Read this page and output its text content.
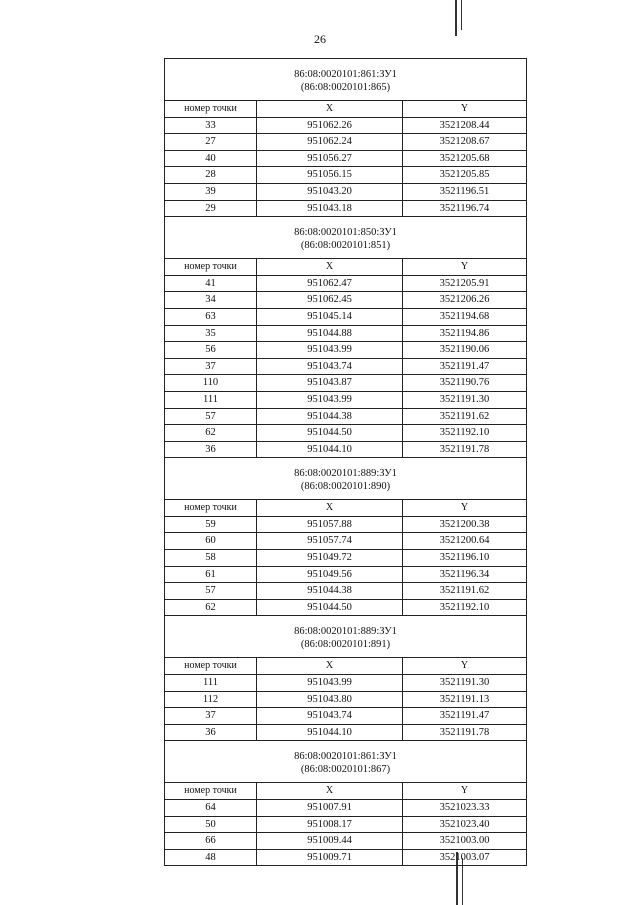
26
86:08:0020101:861:ЗУ1
(86:08:0020101:865)		

номер точки	X	Y
33	951062.26	3521208.44
27	951062.24	3521208.67
40	951056.27	3521205.68
28	951056.15	3521205.85
39	951043.20	3521196.51
29	951043.18	3521196.74

86:08:0020101:850:ЗУ1
(86:08:0020101:851)		

номер точки	X	Y
41	951062.47	3521205.91
34	951062.45	3521206.26
63	951045.14	3521194.68
35	951044.88	3521194.86
56	951043.99	3521190.06
37	951043.74	3521191.47
110	951043.87	3521190.76
111	951043.99	3521191.30
57	951044.38	3521191.62
62	951044.50	3521192.10
36	951044.10	3521191.78

86:08:0020101:889:ЗУ1
(86:08:0020101:890)		

номер точки	X	Y
59	951057.88	3521200.38
60	951057.74	3521200.64
58	951049.72	3521196.10
61	951049.56	3521196.34
57	951044.38	3521191.62
62	951044.50	3521192.10

86:08:0020101:889:ЗУ1
(86:08:0020101:891)		

номер точки	X	Y
111	951043.99	3521191.30
112	951043.80	3521191.13
37	951043.74	3521191.47
36	951044.10	3521191.78

86:08:0020101:861:ЗУ1
(86:08:0020101:867)		

номер точки	X	Y
64	951007.91	3521023.33
50	951008.17	3521023.40
66	951009.44	3521003.00
48	951009.71	3521003.07
